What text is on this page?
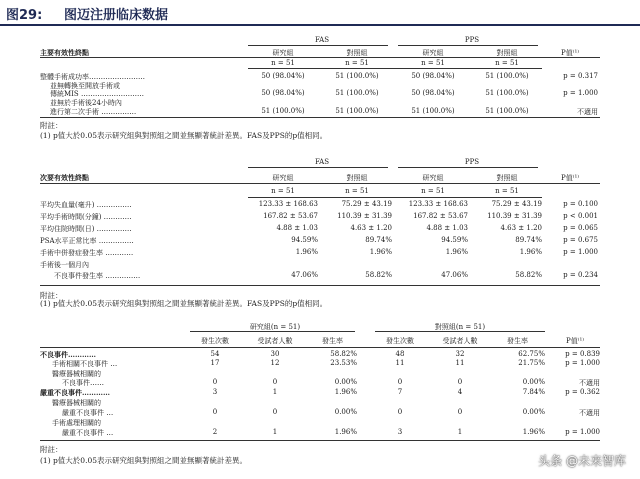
图29: 图迈注册临床数据
FAS	PPS
主要有效性終點	研究組	對照組	研究組	對照組	P值⁽¹⁾
n = 51	n = 51	n = 51	n = 51
整體手術成功率……………………	50 (98.04%)	51 (100.0%)	50 (98.04%)	51 (100.0%)	p = 0.317
並無轉換至開放手術或
傳統MIS ………………………	50 (98.04%)	51 (100.0%)	50 (98.04%)	51 (100.0%)	p = 1.000
並無於手術後24小時內
進行第二次手術 ……………	51 (100.0%)	51 (100.0%)	51 (100.0%)	51 (100.0%)	不適用
附註：
(1) p值大於0.05表示研究組與對照組之間並無顯著統計差異。FAS及PPS的p值相同。
FAS	PPS
次要有效性終點	研究組	對照組	研究組	對照組	P值⁽¹⁾
n = 51	n = 51	n = 51	n = 51
平均失血量(毫升) ……………	123.33 ± 168.63	75.29 ± 43.19	123.33 ± 168.63	75.29 ± 43.19	p = 0.100
平均手術時間(分鐘) …………	167.82 ± 53.67	110.39 ± 31.39	167.82 ± 53.67	110.39 ± 31.39	p < 0.001
平均住院時間(日) ……………	4.88 ± 1.03	4.63 ± 1.20	4.88 ± 1.03	4.63 ± 1.20	p = 0.065
PSA水平正常比率 ……………	94.59%	89.74%	94.59%	89.74%	p = 0.675
手術中併發症發生率 …………	1.96%	1.96%	1.96%	1.96%	p = 1.000
手術後一個月內
不良事件發生率 ……………	47.06%	58.82%	47.06%	58.82%	p = 0.234
附註：
(1) p值大於0.05表示研究組與對照組之間並無顯著統計差異。FAS及PPS的p值相同。
研究組(n = 51)	對照組(n = 51)
發生次數	受試者人數	發生率	發生次數	受試者人數	發生率	P值⁽¹⁾
不良事件…………	54	30	58.82%	48	32	62.75%	p = 0.839
手術相關不良事件 …	17	12	23.53%	11	11	21.75%	p = 1.000
醫療器械相關的
不良事件……	0	0	0.00%	0	0	0.00%	不適用
嚴重不良事件…………	3	1	1.96%	7	4	7.84%	p = 0.362
醫療器械相關的
嚴重不良事件 …	0	0	0.00%	0	0	0.00%	不適用
手術處理相關的
嚴重不良事件 …	2	1	1.96%	3	1	1.96%	p = 1.000
附註：
(1) p值大於0.05表示研究組與對照組之間並無顯著統計差異。	头条 @未来智库
